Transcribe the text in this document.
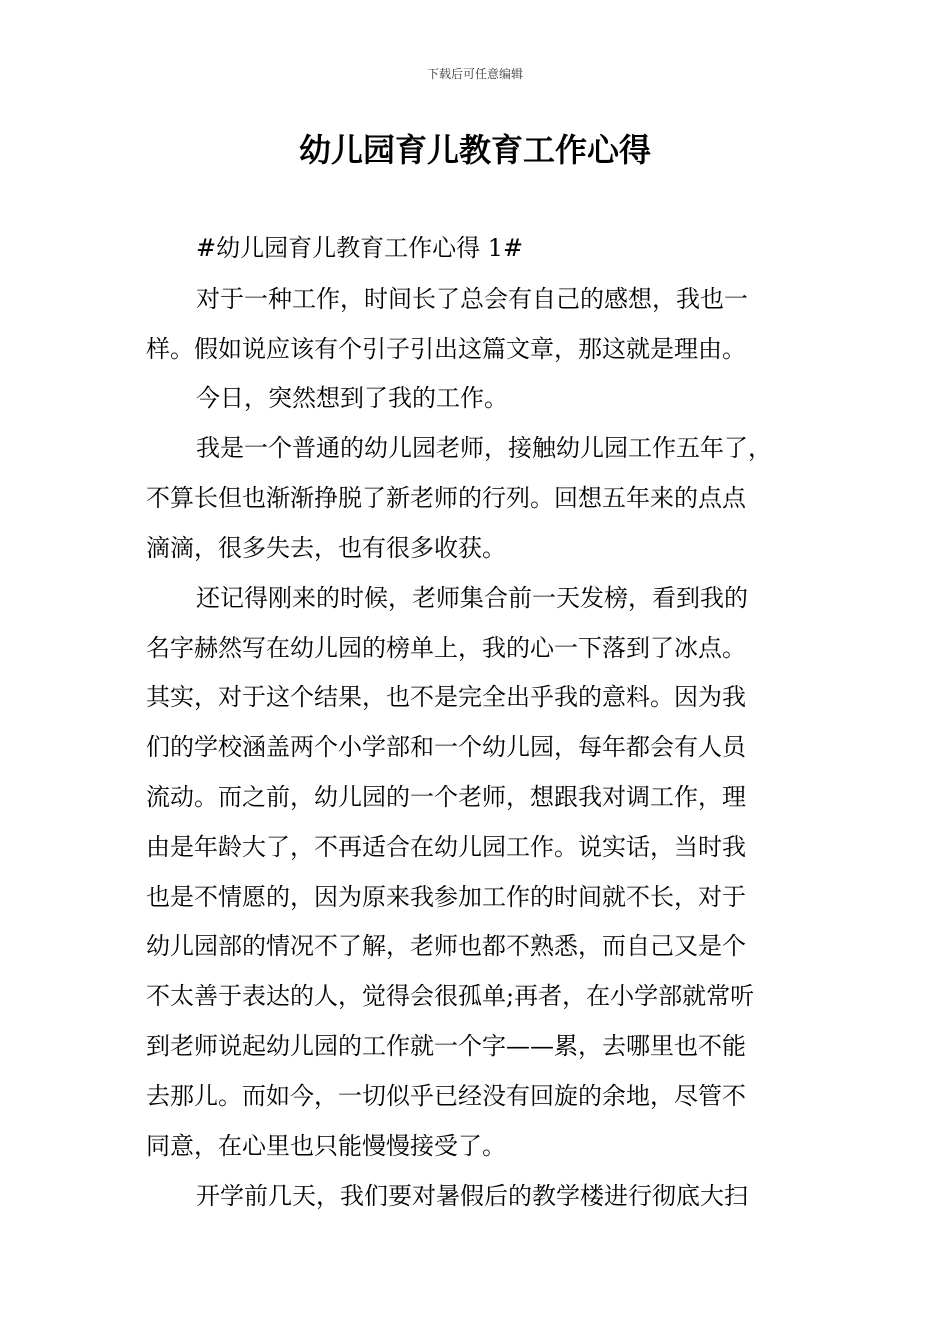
下载后可任意编辑
幼儿园育儿教育工作心得
#幼儿园育儿教育工作心得 1#
对于一种工作，时间长了总会有自己的感想，我也一
样。假如说应该有个引子引出这篇文章，那这就是理由。
今日，突然想到了我的工作。
我是一个普通的幼儿园老师，接触幼儿园工作五年了，
不算长但也渐渐挣脱了新老师的行列。回想五年来的点点
滴滴，很多失去，也有很多收获。
还记得刚来的时候，老师集合前一天发榜，看到我的
名字赫然写在幼儿园的榜单上，我的心一下落到了冰点。
其实，对于这个结果，也不是完全出乎我的意料。因为我
们的学校涵盖两个小学部和一个幼儿园，每年都会有人员
流动。而之前，幼儿园的一个老师，想跟我对调工作，理
由是年龄大了，不再适合在幼儿园工作。说实话，当时我
也是不情愿的，因为原来我参加工作的时间就不长，对于
幼儿园部的情况不了解，老师也都不熟悉，而自己又是个
不太善于表达的人，觉得会很孤单;再者，在小学部就常听
到老师说起幼儿园的工作就一个字——累，去哪里也不能
去那儿。而如今，一切似乎已经没有回旋的余地，尽管不
同意，在心里也只能慢慢接受了。
开学前几天，我们要对暑假后的教学楼进行彻底大扫
